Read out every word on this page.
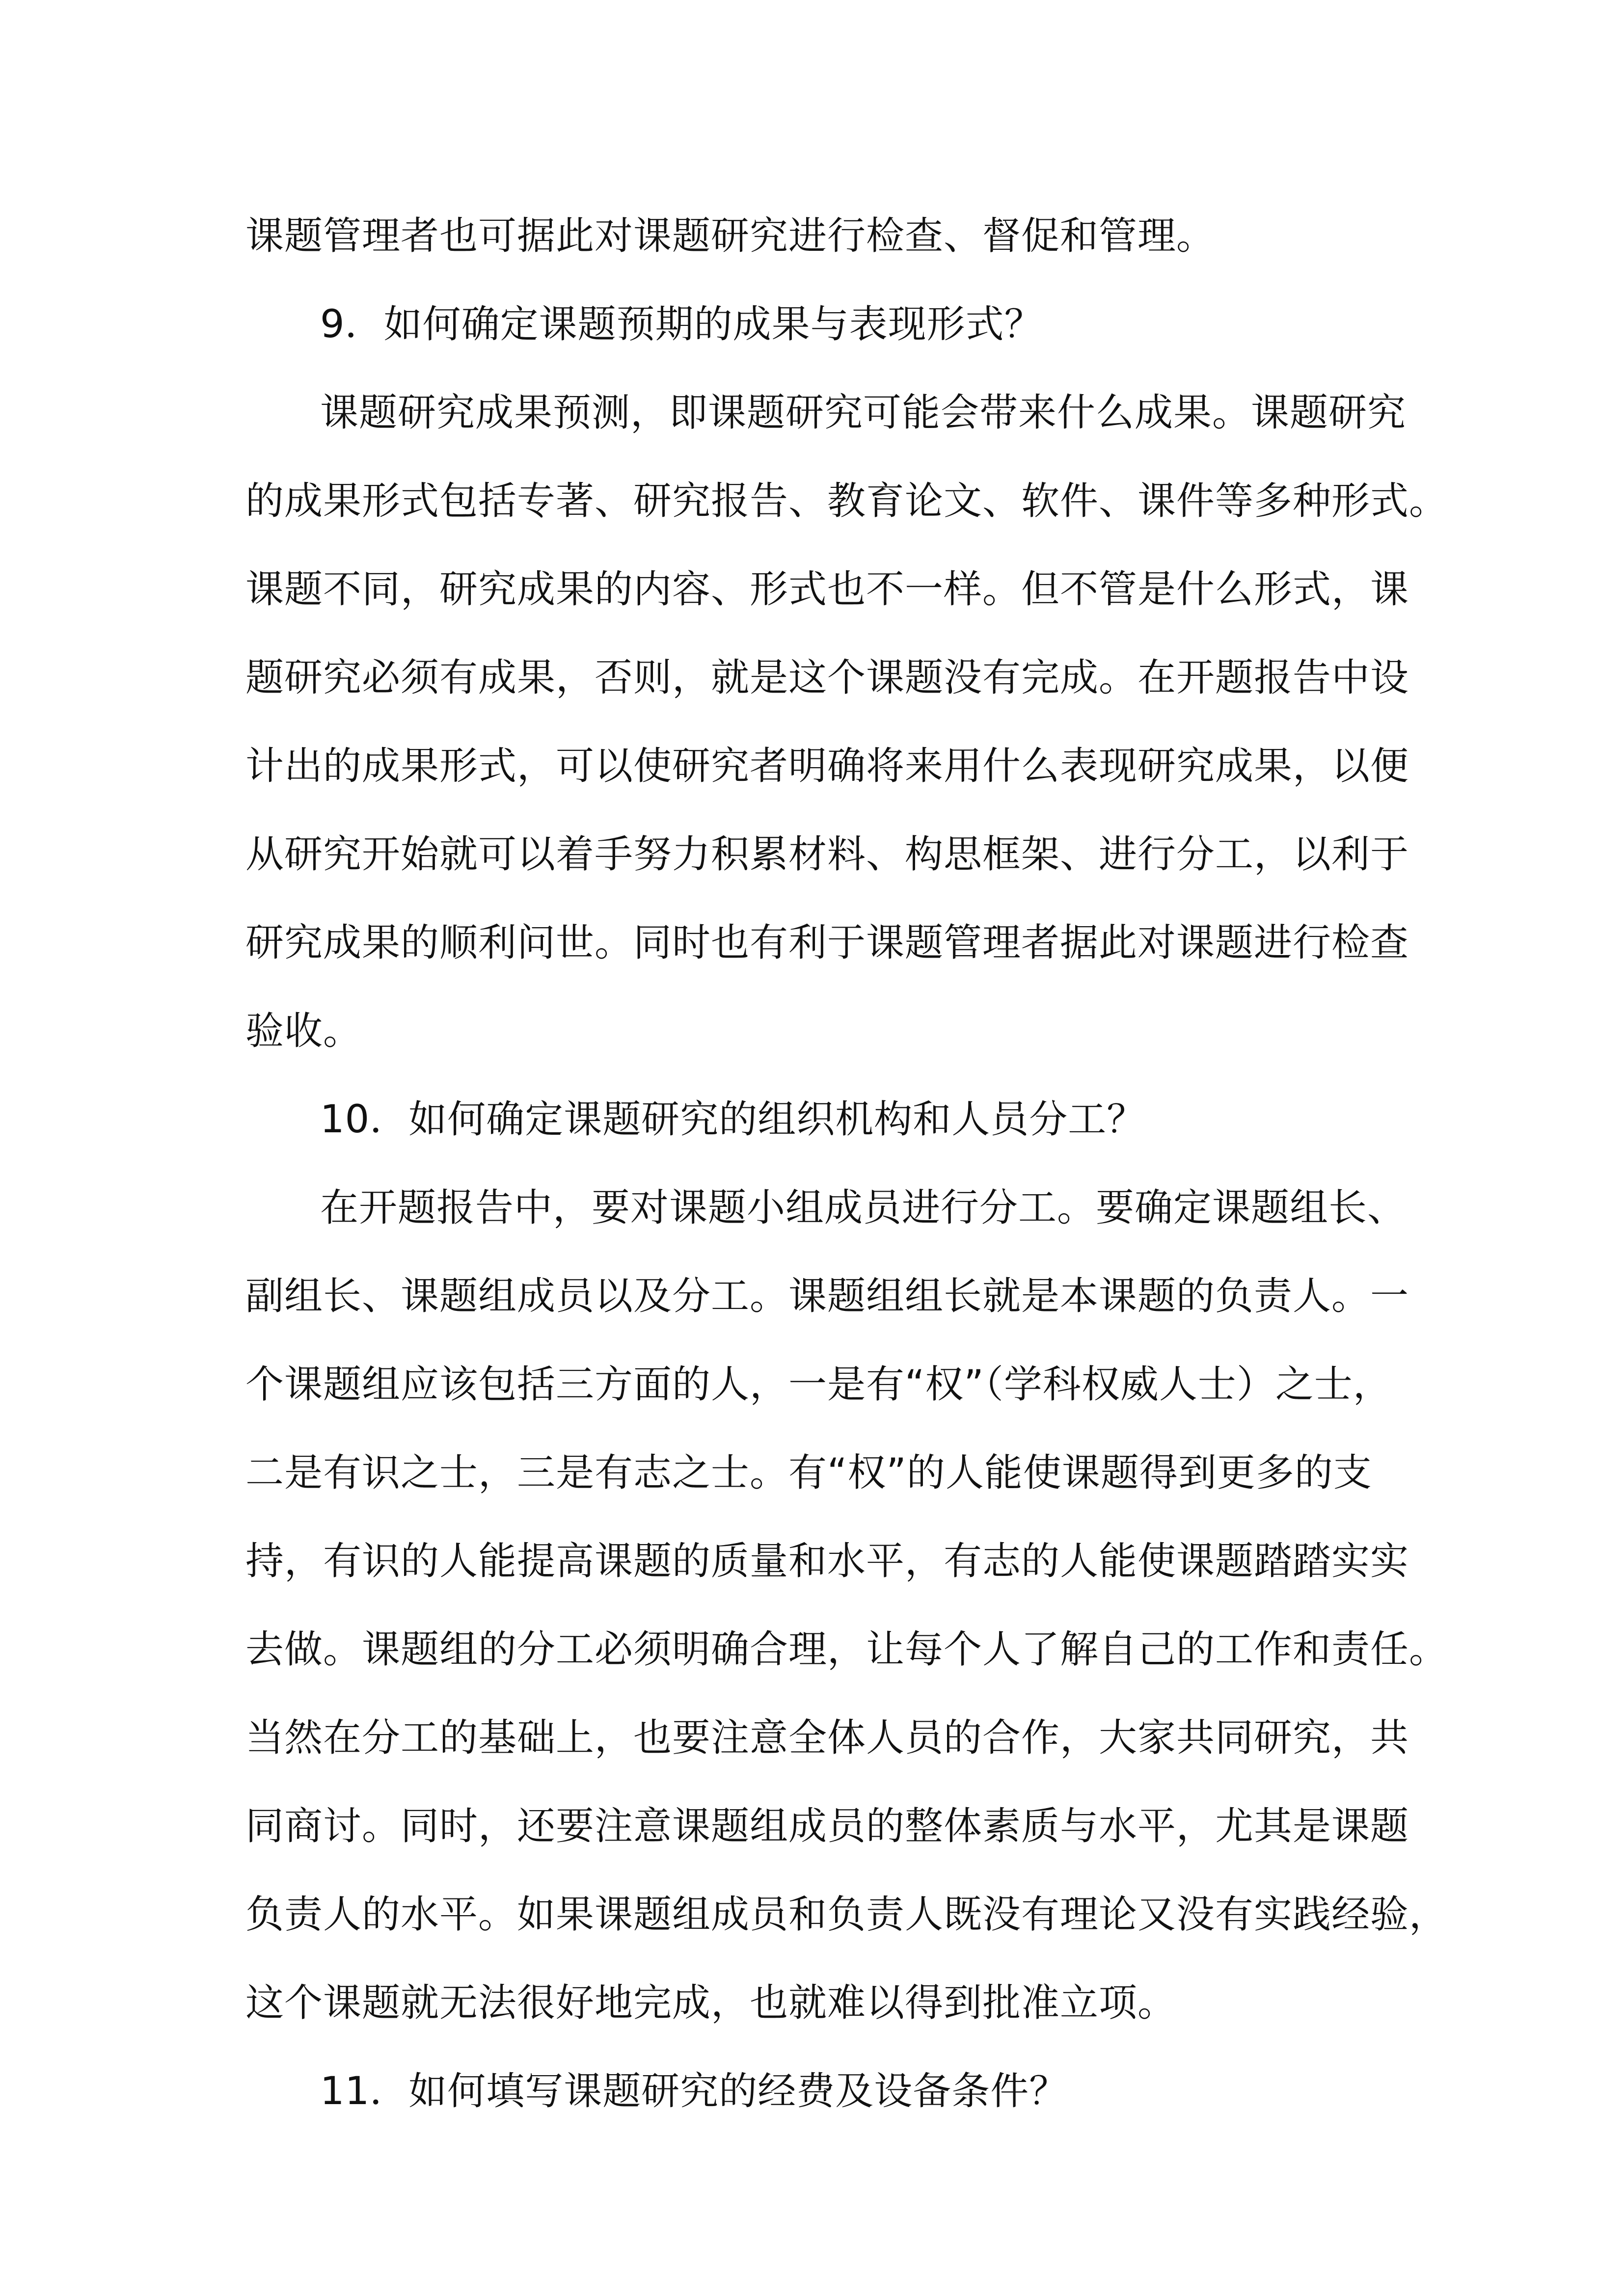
课题管理者也可据此对课题研究进行检查、督促和管理。
9．如何确定课题预期的成果与表现形式？
课题研究成果预测，即课题研究可能会带来什么成果。课题研究
的成果形式包括专著、研究报告、教育论文、软件、课件等多种形式。
课题不同，研究成果的内容、形式也不一样。但不管是什么形式，课
题研究必须有成果，否则，就是这个课题没有完成。在开题报告中设
计出的成果形式，可以使研究者明确将来用什么表现研究成果，以便
从研究开始就可以着手努力积累材料、构思框架、进行分工，以利于
研究成果的顺利问世。同时也有利于课题管理者据此对课题进行检查
验收。
10．如何确定课题研究的组织机构和人员分工？
在开题报告中，要对课题小组成员进行分工。要确定课题组长、
副组长、课题组成员以及分工。课题组组长就是本课题的负责人。一
个课题组应该包括三方面的人，一是有“权”（学科权威人士）之士，
二是有识之士，三是有志之士。有“权”的人能使课题得到更多的支
持，有识的人能提高课题的质量和水平，有志的人能使课题踏踏实实
去做。课题组的分工必须明确合理，让每个人了解自己的工作和责任。
当然在分工的基础上，也要注意全体人员的合作，大家共同研究，共
同商讨。同时，还要注意课题组成员的整体素质与水平，尤其是课题
负责人的水平。如果课题组成员和负责人既没有理论又没有实践经验，
这个课题就无法很好地完成，也就难以得到批准立项。
11．如何填写课题研究的经费及设备条件？
